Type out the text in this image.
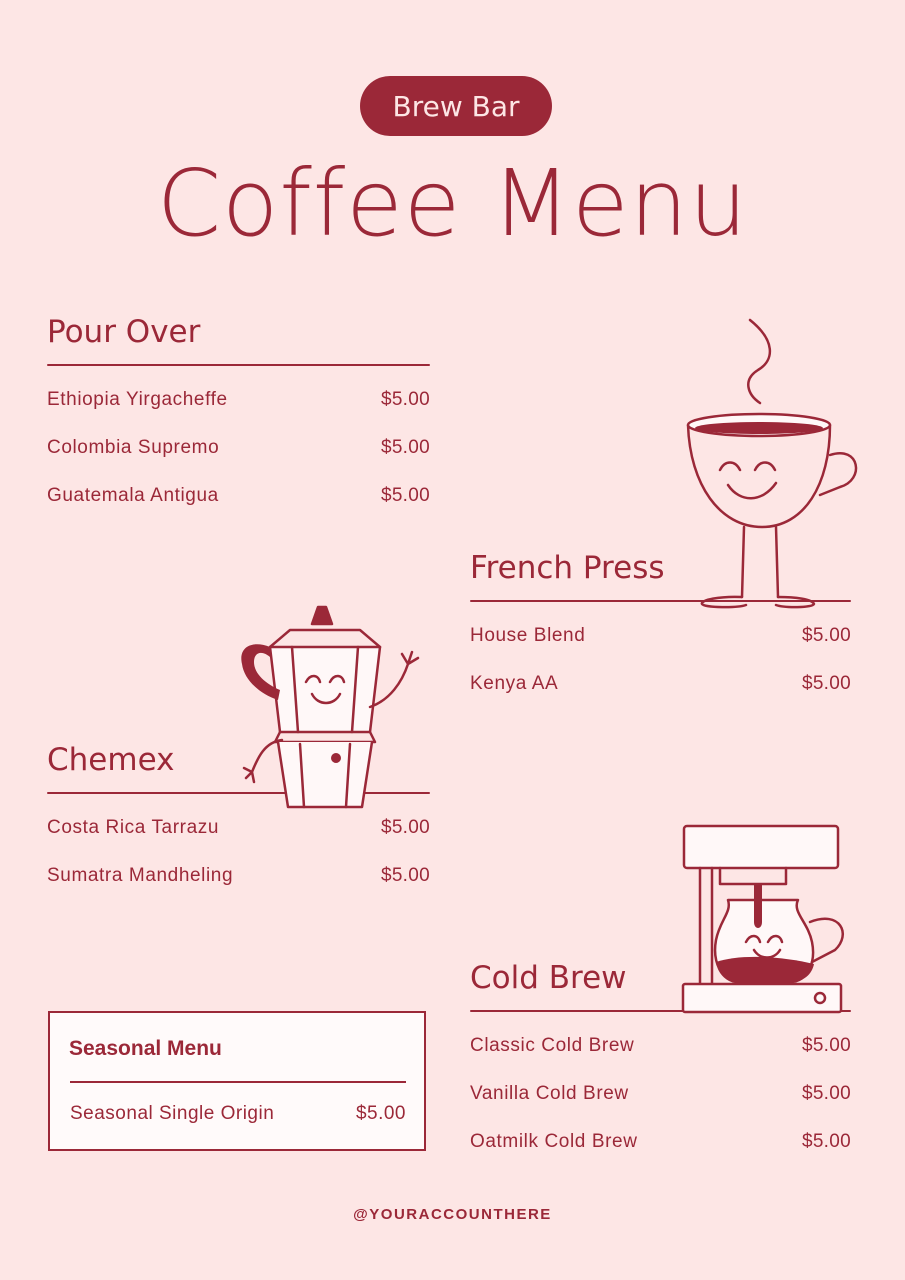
Brew Bar
Coffee Menu
Pour Over
Ethiopia Yirgacheffe	$5.00
Colombia Supremo	$5.00
Guatemala Antigua	$5.00
French Press
House Blend	$5.00
Kenya AA	$5.00
Chemex
Costa Rica Tarrazu	$5.00
Sumatra Mandheling	$5.00
Cold Brew
Classic Cold Brew	$5.00
Vanilla Cold Brew	$5.00
Oatmilk Cold Brew	$5.00
Seasonal Menu
Seasonal Single Origin	$5.00
@YOURACCOUNTHERE
